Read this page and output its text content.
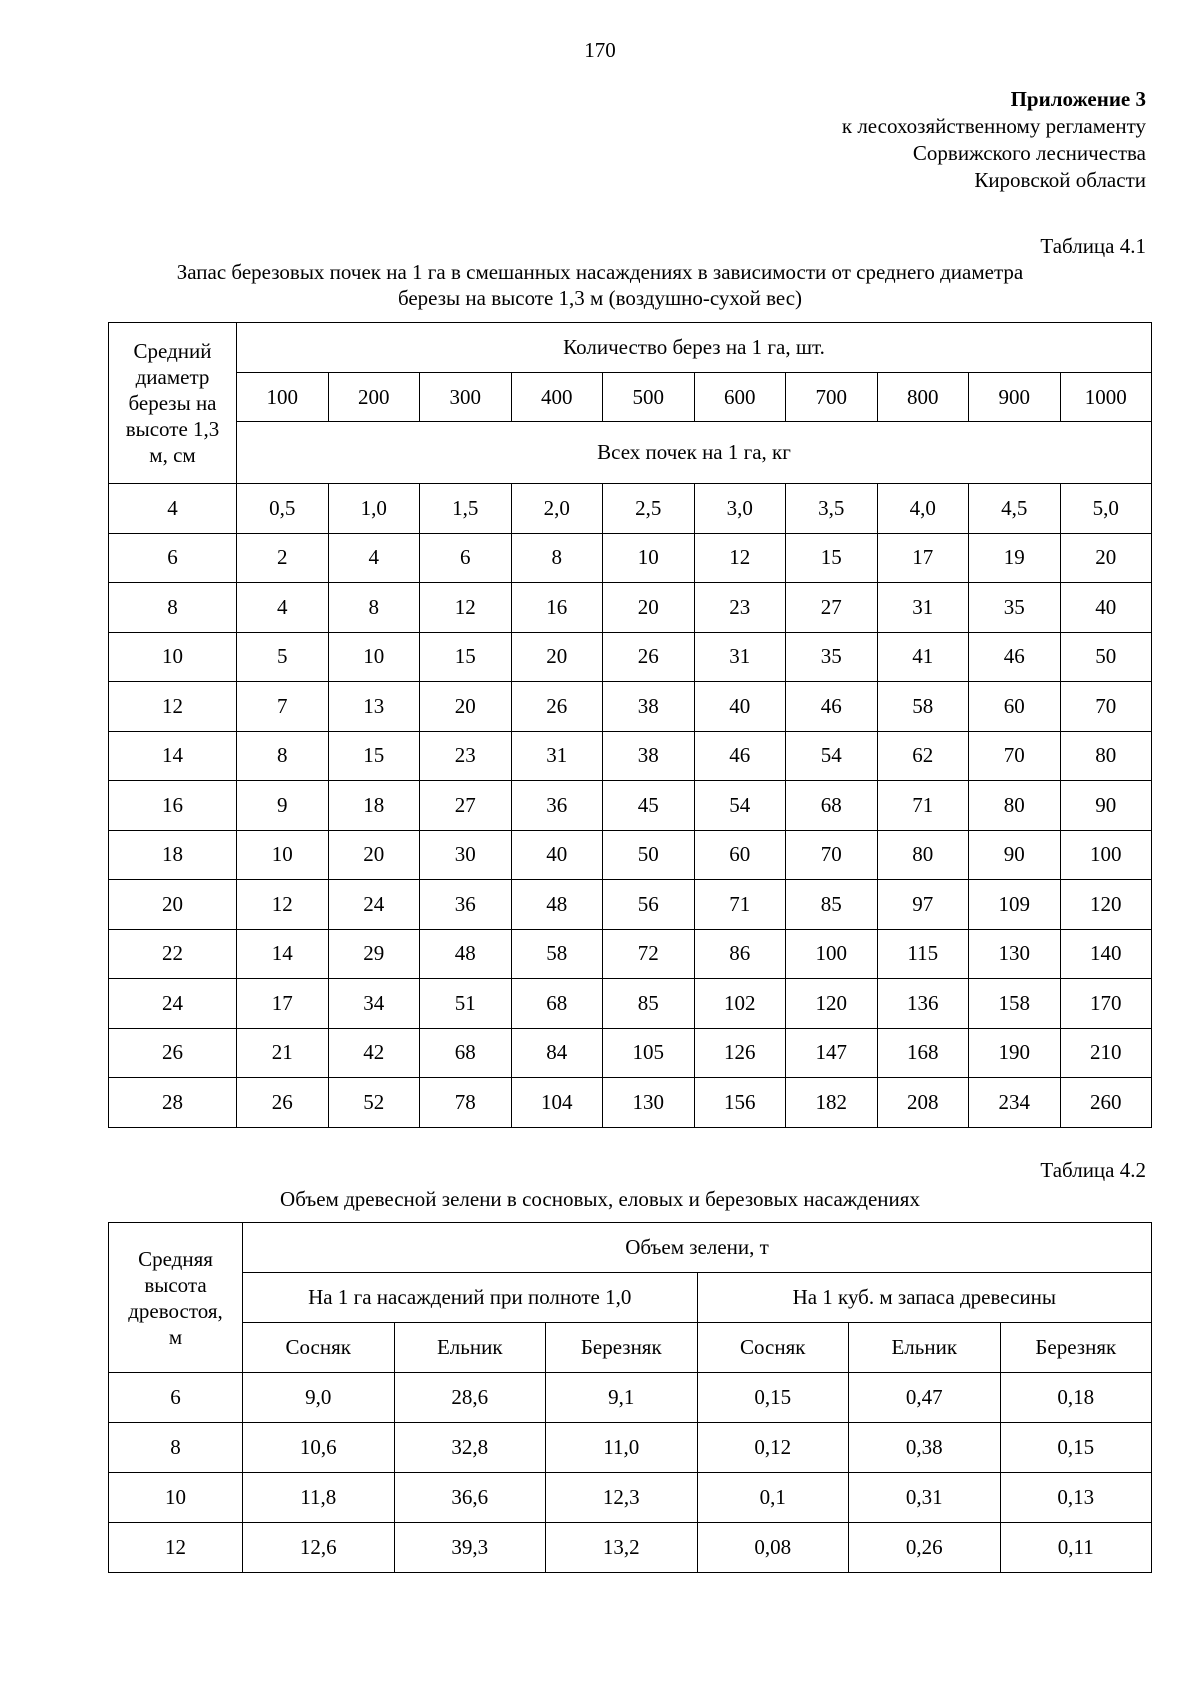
170
Приложение 3
к лесохозяйственному регламенту
Сорвижского лесничества
Кировской области
Таблица 4.1
Запас березовых почек на 1 га в смешанных насаждениях в зависимости от среднего диаметра
березы на высоте 1,3 м (воздушно-сухой вес)
Средний
диаметр
березы на
высоте 1,3
м, см	Количество берез на 1 га, шт.									
	100	200	300	400	500	600	700	800	900	1000
	Всех почек на 1 га, кг									
4	0,5	1,0	1,5	2,0	2,5	3,0	3,5	4,0	4,5	5,0
6	2	4	6	8	10	12	15	17	19	20
8	4	8	12	16	20	23	27	31	35	40
10	5	10	15	20	26	31	35	41	46	50
12	7	13	20	26	38	40	46	58	60	70
14	8	15	23	31	38	46	54	62	70	80
16	9	18	27	36	45	54	68	71	80	90
18	10	20	30	40	50	60	70	80	90	100
20	12	24	36	48	56	71	85	97	109	120
22	14	29	48	58	72	86	100	115	130	140
24	17	34	51	68	85	102	120	136	158	170
26	21	42	68	84	105	126	147	168	190	210
28	26	52	78	104	130	156	182	208	234	260
Таблица 4.2
Объем древесной зелени в сосновых, еловых и березовых насаждениях
Средняя
высота
древостоя,
м	Объем зелени, т					
	На 1 га насаждений при полноте 1,0			На 1 куб. м запаса древесины		
	Сосняк	Ельник	Березняк	Сосняк	Ельник	Березняк
6	9,0	28,6	9,1	0,15	0,47	0,18
8	10,6	32,8	11,0	0,12	0,38	0,15
10	11,8	36,6	12,3	0,1	0,31	0,13
12	12,6	39,3	13,2	0,08	0,26	0,11
